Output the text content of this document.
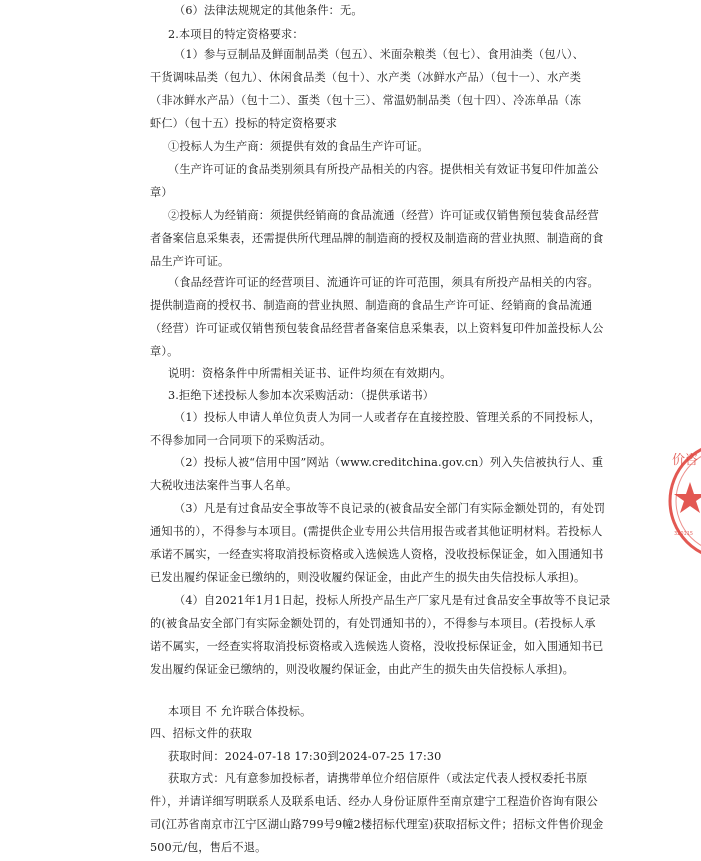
（6）法律法规规定的其他条件：无。
2.本项目的特定资格要求：
（1）参与豆制品及鲜面制品类（包五）、米面杂粮类（包七）、食用油类（包八）、
干货调味品类（包九）、休闲食品类（包十）、水产类（冰鲜水产品）（包十一）、水产类
（非冰鲜水产品）（包十二）、蛋类（包十三）、常温奶制品类（包十四）、冷冻单品（冻
虾仁）（包十五）投标的特定资格要求
①投标人为生产商：须提供有效的食品生产许可证。
（生产许可证的食品类别须具有所投产品相关的内容。提供相关有效证书复印件加盖公
章）
②投标人为经销商：须提供经销商的食品流通（经营）许可证或仅销售预包装食品经营
者备案信息采集表，还需提供所代理品牌的制造商的授权及制造商的营业执照、制造商的食
品生产许可证。
（食品经营许可证的经营项目、流通许可证的许可范围，须具有所投产品相关的内容。
提供制造商的授权书、制造商的营业执照、制造商的食品生产许可证、经销商的食品流通
（经营）许可证或仅销售预包装食品经营者备案信息采集表，以上资料复印件加盖投标人公
章）。
说明：资格条件中所需相关证书、证件均须在有效期内。
3.拒绝下述投标人参加本次采购活动：（提供承诺书）
（1）投标人申请人单位负责人为同一人或者存在直接控股、管理关系的不同投标人，
不得参加同一合同项下的采购活动。
（2）投标人被“信用中国”网站（www.creditchina.gov.cn）列入失信被执行人、重
大税收违法案件当事人名单。
（3）凡是有过食品安全事故等不良记录的(被食品安全部门有实际金额处罚的，有处罚
通知书的），不得参与本项目。(需提供企业专用公共信用报告或者其他证明材料。若投标人
承诺不属实，一经查实将取消投标资格或入选候选人资格，没收投标保证金，如入围通知书
已发出履约保证金已缴纳的，则没收履约保证金，由此产生的损失由失信投标人承担)。
（4）自2021年1月1日起，投标人所投产品生产厂家凡是有过食品安全事故等不良记录
的(被食品安全部门有实际金额处罚的，有处罚通知书的），不得参与本项目。(若投标人承
诺不属实，一经查实将取消投标资格或入选候选人资格，没收投标保证金，如入围通知书已
发出履约保证金已缴纳的，则没收履约保证金，由此产生的损失由失信投标人承担)。
本项目 不 允许联合体投标。
四、招标文件的获取
获取时间：2024-07-18 17:30到2024-07-25 17:30
获取方式：凡有意参加投标者，请携带单位介绍信原件（或法定代表人授权委托书原
件），并请详细写明联系人及联系电话、经办人身份证原件至南京建宁工程造价咨询有限公
司(江苏省南京市江宁区湖山路799号9幢2楼招标代理室)获取招标文件；招标文件售价现金
500元/包，售后不退。
价咨
320115
